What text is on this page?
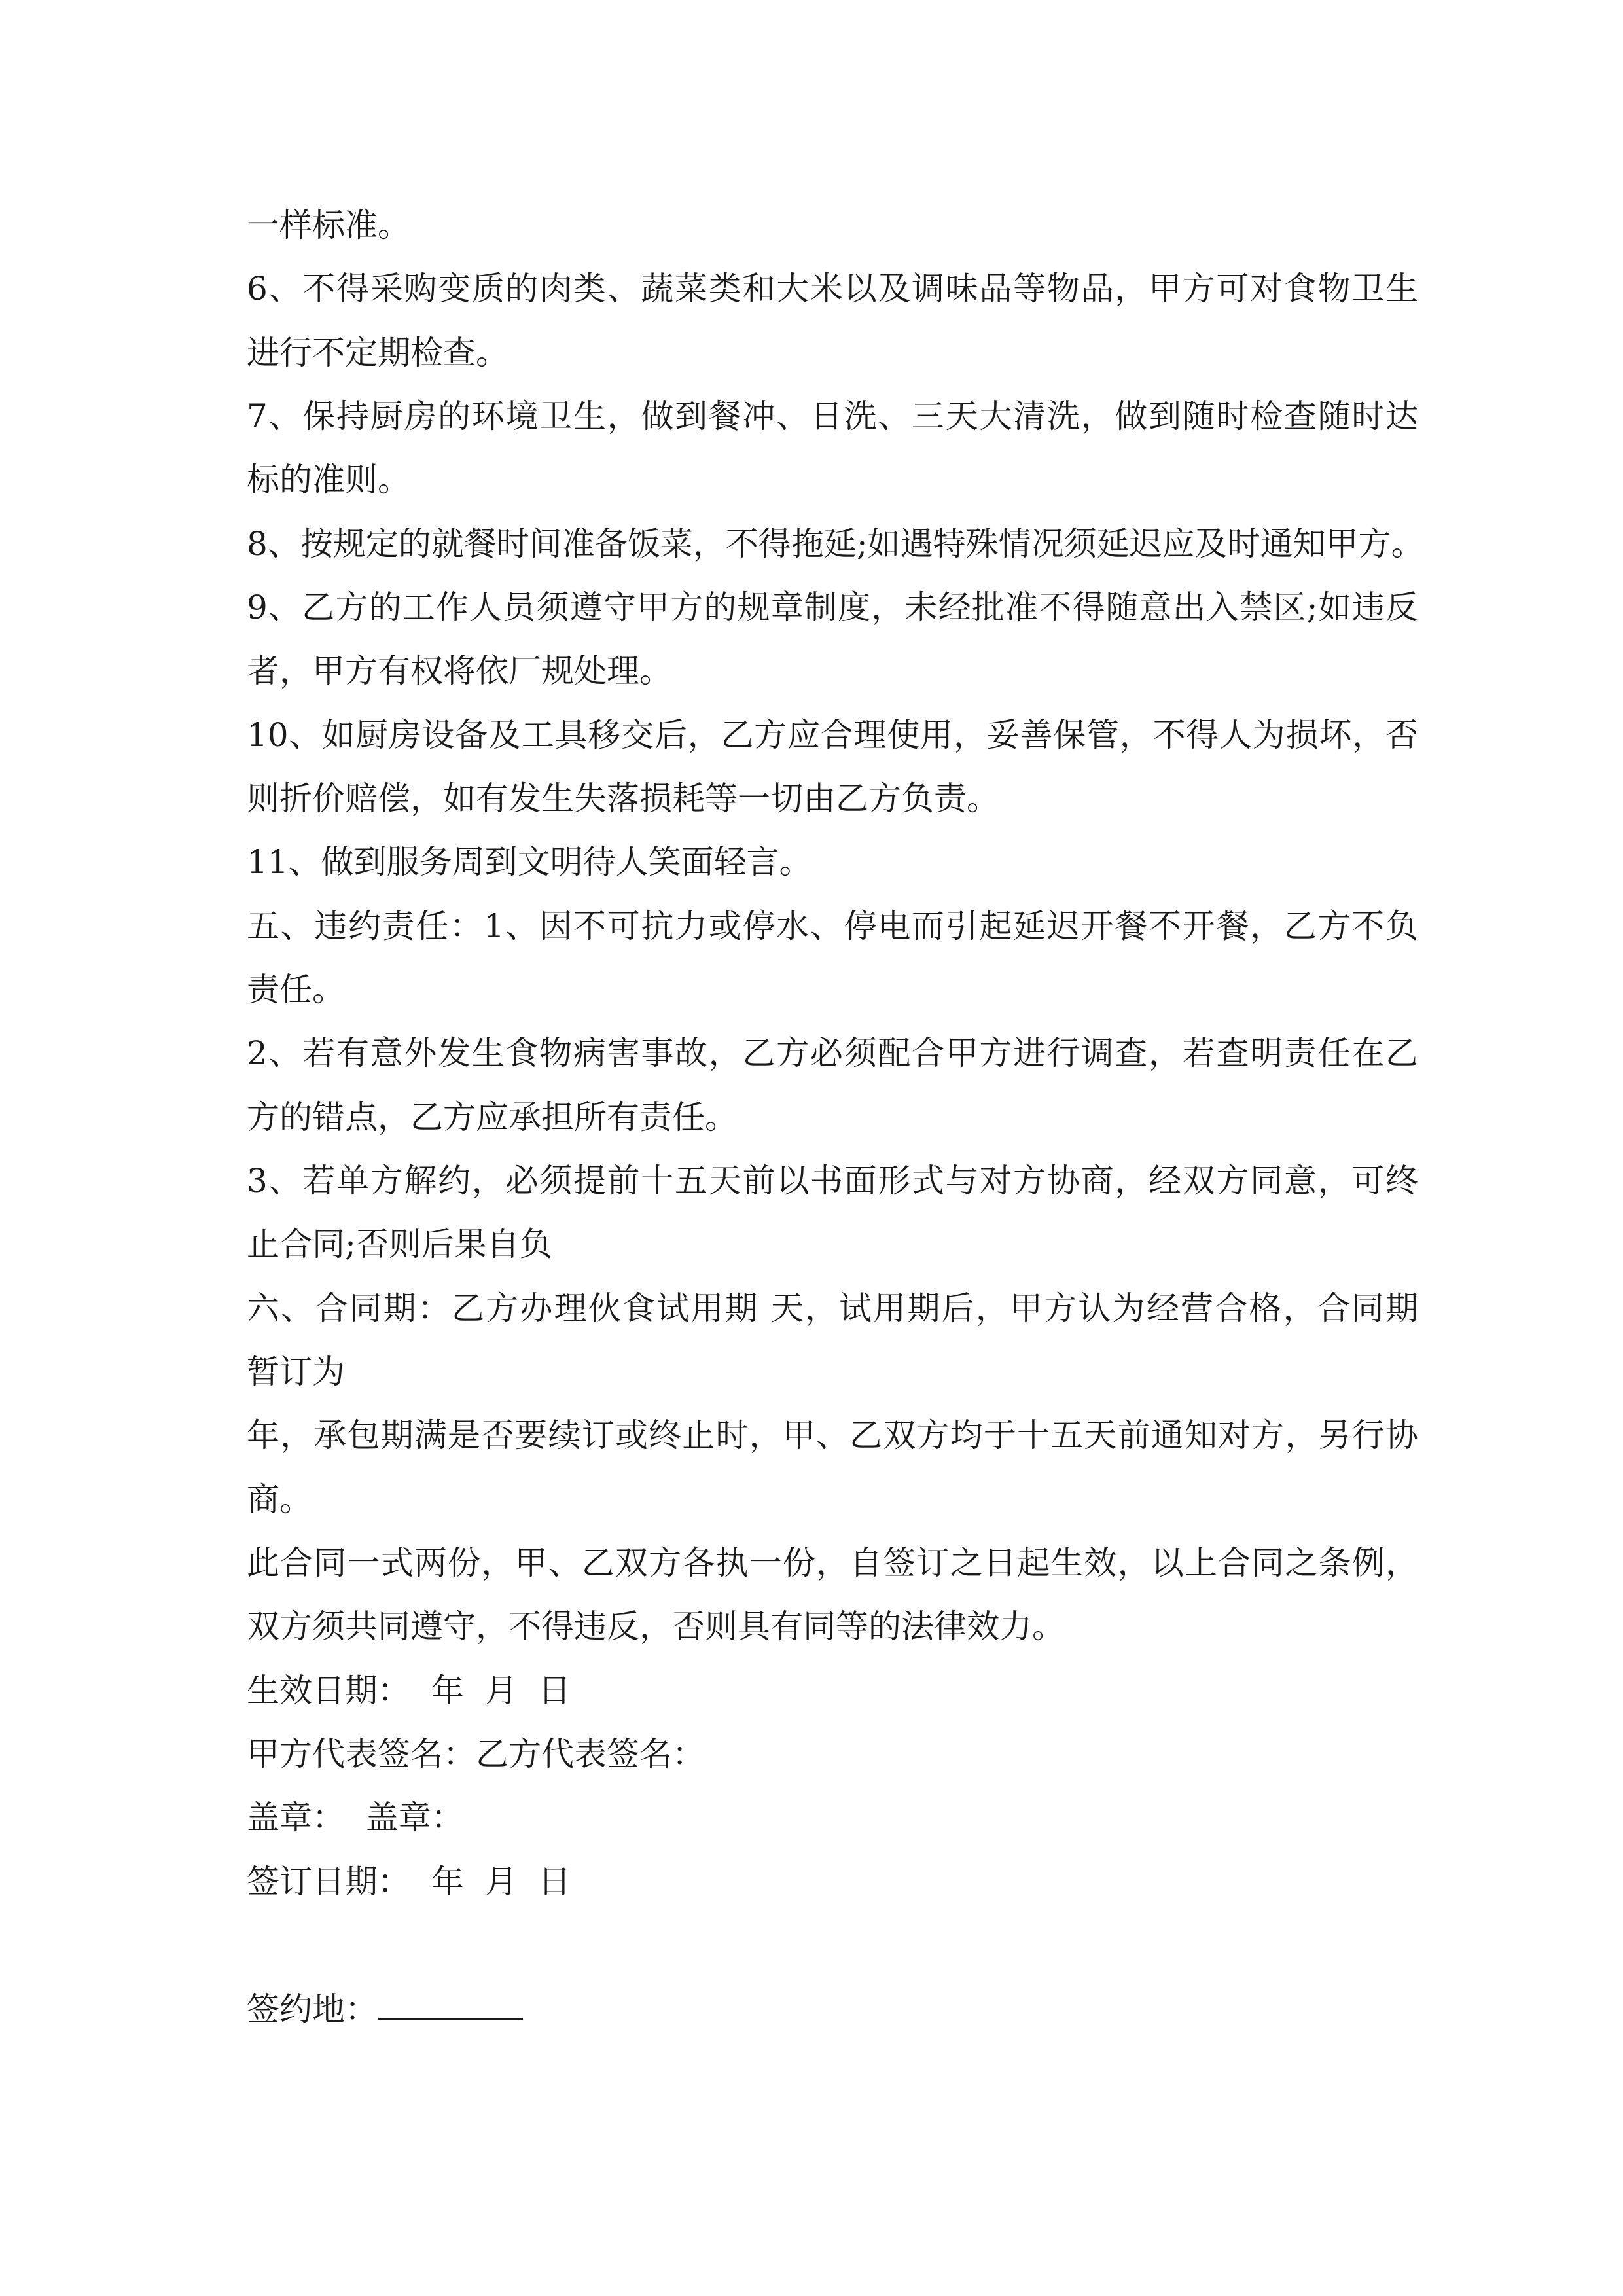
一样标准。
6、不得采购变质的肉类、蔬菜类和大米以及调味品等物品，甲方可对食物卫生
进行不定期检查。
7、保持厨房的环境卫生，做到餐冲、日洗、三天大清洗，做到随时检查随时达
标的准则。
8、按规定的就餐时间准备饭菜，不得拖延;如遇特殊情况须延迟应及时通知甲方。
9、乙方的工作人员须遵守甲方的规章制度，未经批准不得随意出入禁区;如违反
者，甲方有权将依厂规处理。
10、如厨房设备及工具移交后，乙方应合理使用，妥善保管，不得人为损坏，否
则折价赔偿，如有发生失落损耗等一切由乙方负责。
11、做到服务周到文明待人笑面轻言。
五、违约责任：1、因不可抗力或停水、停电而引起延迟开餐不开餐，乙方不负
责任。
2、若有意外发生食物病害事故，乙方必须配合甲方进行调查，若查明责任在乙
方的错点，乙方应承担所有责任。
3、若单方解约，必须提前十五天前以书面形式与对方协商，经双方同意，可终
止合同;否则后果自负
六、合同期：乙方办理伙食试用期 天，试用期后，甲方认为经营合格，合同期
暂订为
年，承包期满是否要续订或终止时，甲、乙双方均于十五天前通知对方，另行协
商。
此合同一式两份，甲、乙双方各执一份，自签订之日起生效，以上合同之条例，
双方须共同遵守，不得违反，否则具有同等的法律效力。
生效日期：  年  月  日
甲方代表签名：乙方代表签名：
盖章：  盖章：
签订日期：  年  月  日
签约地：
